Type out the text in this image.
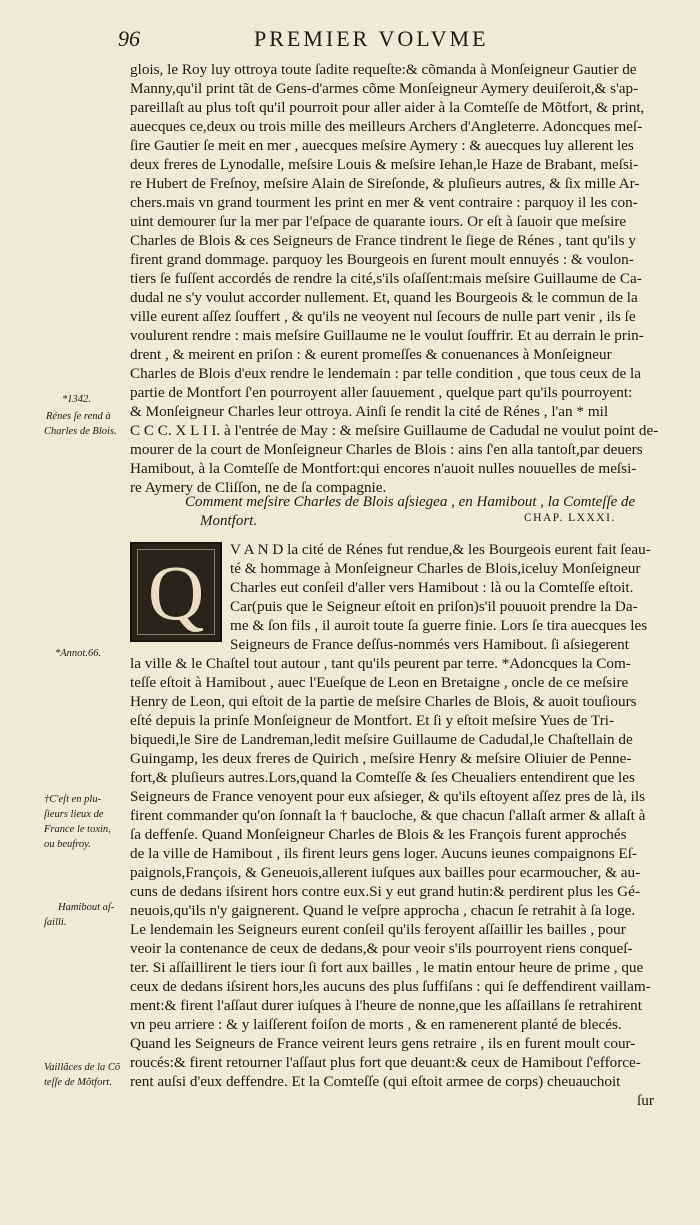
96	PREMIER VOLVME
glois, le Roy luy ottroya toute ſadite requeſte:& cõmanda à Monſeigneur Gautier de
Manny,qu'il print tãt de Gens-d'armes cõme Monſeigneur Aymery deuiſeroit,& s'ap-
pareillaſt au plus toſt qu'il pourroit pour aller aider à la Comteſſe de Mõtfort, & print,
auecques ce,deux ou trois mille des meilleurs Archers d'Angleterre. Adoncques meſ-
ſire Gautier ſe meit en mer , auecques meſsire Aymery : & auecques luy allerent les
deux freres de Lynodalle, meſsire Louis & meſsire Iehan,le Haze de Brabant, meſsi-
re Hubert de Freſnoy, meſsire Alain de Sireſonde, & pluſieurs autres, & ſix mille Ar-
chers.mais vn grand tourment les print en mer & vent contraire : parquoy il les con-
uint demourer ſur la mer par l'eſpace de quarante iours. Or eſt à ſauoir que meſsire
Charles de Blois & ces Seigneurs de France tindrent le ſiege de Rénes , tant qu'ils y
firent grand dommage. parquoy les Bourgeois en ſurent moult ennuyés : & voulon-
tiers ſe fuſſent accordés de rendre la cité,s'ils oſaſſent:mais meſsire Guillaume de Ca-
dudal ne s'y voulut accorder nullement. Et, quand les Bourgeois & le commun de la
ville eurent aſſez ſouffert , & qu'ils ne veoyent nul ſecours de nulle part venir , ils ſe
voulurent rendre : mais meſsire Guillaume ne le voulut ſouffrir. Et au derrain le prin-
drent , & meirent en priſon : & eurent promeſſes & conuenances à Monſeigneur
Charles de Blois d'eux rendre le lendemain : par telle condition , que tous ceux de la
partie de Montfort ſ'en pourroyent aller ſauuement , quelque part qu'ils pourroyent:
& Monſeigneur Charles leur ottroya. Ainſi ſe rendit la cité de Rénes , l'an * mil
C C C. X L I I. à l'entrée de May : & meſsire Guillaume de Cadudal ne voulut point de-
mourer de la court de Monſeigneur Charles de Blois : ains ſ'en alla tantoſt,par deuers
Hamibout, à la Comteſſe de Montfort:qui encores n'auoit nulles nouuelles de meſsi-
re Aymery de Cliſſon, ne de ſa compagnie.
Comment meſsire Charles de Blois aſsiegea , en Hamibout , la Comteſſe de
Montfort.	CHAP. LXXXI.
Q	V A N D la cité de Rénes fut rendue,& les Bourgeois eurent fait ſeau-
té & hommage à Monſeigneur Charles de Blois,iceluy Monſeigneur
Charles eut conſeil d'aller vers Hamibout : là ou la Comteſſe eſtoit.
Car(puis que le Seigneur eſtoit en priſon)s'il pouuoit prendre la Da-
me & ſon fils , il auroit toute ſa guerre finie. Lors ſe tira auecques les
Seigneurs de France deſſus-nommés vers Hamibout. ſi aſsiegerent
la ville & le Chaſtel tout autour , tant qu'ils peurent par terre. *Adoncques la Com-
teſſe eſtoit à Hamibout , auec l'Eueſque de Leon en Bretaigne , oncle de ce meſsire
Henry de Leon, qui eſtoit de la partie de meſsire Charles de Blois, & auoit touſiours
eſté depuis la prinſe Monſeigneur de Montfort. Et ſi y eſtoit meſsire Yues de Tri-
biquedi,le Sire de Landreman,ledit meſsire Guillaume de Cadudal,le Chaſtellain de
Guingamp, les deux freres de Quirich , meſsire Henry & meſsire Oliuier de Penne-
fort,& pluſieurs autres.Lors,quand la Comteſſe & ſes Cheualiers entendirent que les
Seigneurs de France venoyent pour eux aſsieger, & qu'ils eſtoyent aſſez pres de là, ils
firent commander qu'on ſonnaſt la † baucloche, & que chacun ſ'allaſt armer & allaſt à
ſa deffenſe. Quand Monſeigneur Charles de Blois & les François furent approchés
de la ville de Hamibout , ils firent leurs gens loger. Aucuns ieunes compaignons Eſ-
paignols,François, & Geneuois,allerent iuſques aux bailles pour ecarmoucher, & au-
cuns de dedans iſsirent hors contre eux.Si y eut grand hutin:& perdirent plus les Gé-
neuois,qu'ils n'y gaignerent. Quand le veſpre approcha , chacun ſe retrahit à ſa loge.
Le lendemain les Seigneurs eurent conſeil qu'ils feroyent aſſaillir les bailles , pour
veoir la contenance de ceux de dedans,& pour veoir s'ils pourroyent riens conqueſ-
ter. Si aſſaillirent le tiers iour ſi fort aux bailles , le matin entour heure de prime , que
ceux de dedans iſsirent hors,les aucuns des plus ſuffiſans : qui ſe deffendirent vaillam-
ment:& firent l'aſſaut durer iuſques à l'heure de nonne,que les aſſaillans ſe retrahirent
vn peu arriere : & y laiſſerent foiſon de morts , & en ramenerent planté de blecés.
Quand les Seigneurs de France veirent leurs gens retraire , ils en furent moult cour-
roucés:& firent retourner l'aſſaut plus fort que deuant:& ceux de Hamibout ſ'efforce-
rent auſsi d'eux deffendre. Et la Comteſſe (qui eſtoit armee de corps) cheuauchoit
ſur
*1342.
Rénes ſe rend à
Charles de Blois.
*Annot.66.
†C'eſt en plu-
ſieurs lieux de
France le toxin,
ou beufroy.
Hamibout aſ-
ſailli.
Vaillãces de la Cõ
teſſe de Mõtfort.
